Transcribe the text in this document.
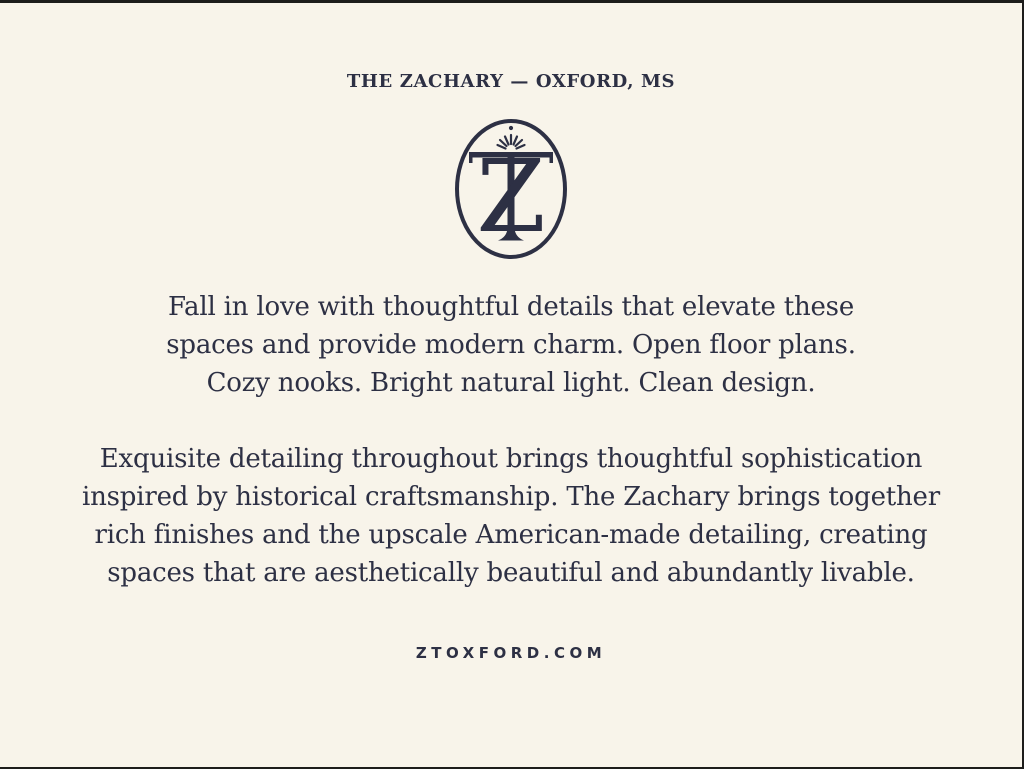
THE ZACHARY — OXFORD, MS
Z
Fall in love with thoughtful details that elevate these
spaces and provide modern charm. Open floor plans.
Cozy nooks. Bright natural light. Clean design.
Exquisite detailing throughout brings thoughtful sophistication
inspired by historical craftsmanship. The Zachary brings together
rich finishes and the upscale American-made detailing, creating
spaces that are aesthetically beautiful and abundantly livable.
ZTOXFORD.COM
